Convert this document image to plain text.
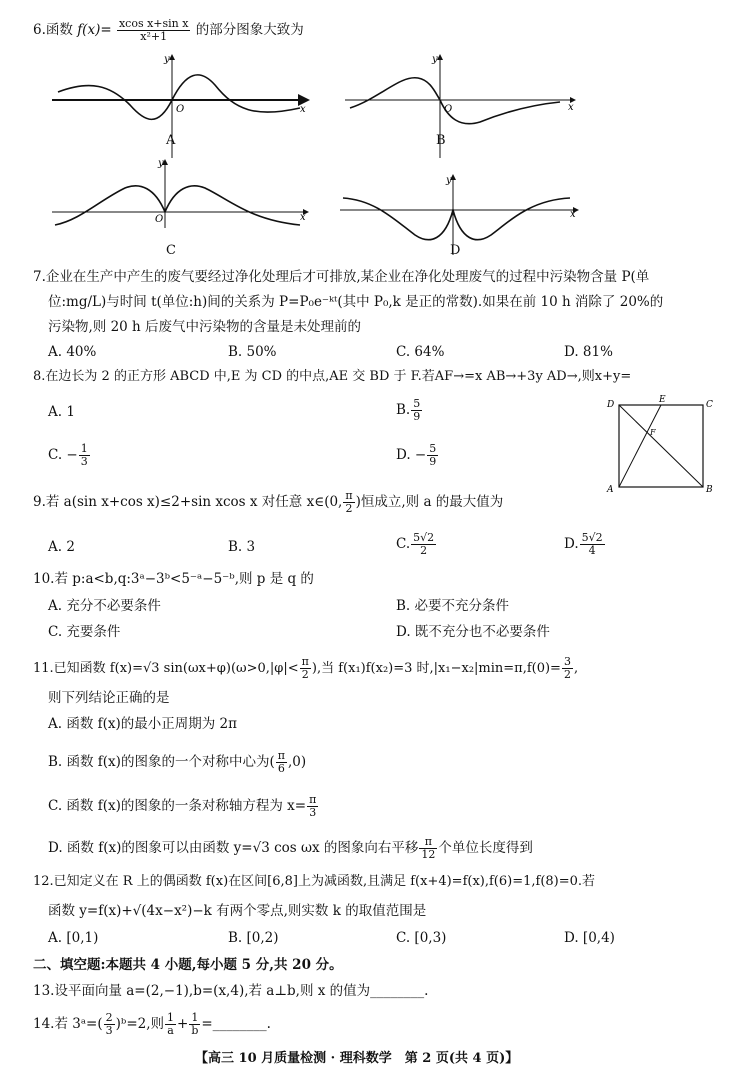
6.函数 $f(x)= \frac{\text{xcos x+sin x}}{\text{x²+1}}$ 的部分图象大致为
y
x
O
y
x
O
y
x
O
y
x
A	B
C	D
7.企业在生产中产生的废气要经过净化处理后才可排放,某企业在净化处理废气的过程中污染物含量 P(单
位:mg/L)与时间 t(单位:h)间的关系为 P=P₀e⁻ᵏᵗ(其中 P₀,k 是正的常数).如果在前 10 h 消除了 20%的
污染物,则 20 h 后废气中污染物的含量是未处理前的
A. 40%	B. 50%	C. 64%	D. 81%
8.在边长为 2 的正方形 ABCD 中,E 为 CD 的中点,AE 交 BD 于 F.若AF→=x AB→+3y AD→,则x+y=
A. 1	B. $\frac{5}{9}$
C. − $\frac{1}{3}$	D. − $\frac{5}{9}$
D	E	C
F
A	B
9.若 a(sin x+cos x)≤2+sin xcos x 对任意 x∈(0, $\frac{\pi}{2}$ )恒成立,则 a 的最大值为
A. 2	B. 3	C. $\frac{5√2}{2}$	D. $\frac{5√2}{4}$
10.若 p:a<b,q:3ᵃ−3ᵇ<5⁻ᵃ−5⁻ᵇ,则 p 是 q 的
A. 充分不必要条件	B. 必要不充分条件
C. 充要条件	D. 既不充分也不必要条件
11.已知函数 f(x)=√3 $\sin(\omega x+\varphi)(\omega>0,|\varphi|< \frac{\pi}{2}$ ),当 f(x₁)f(x₂)=3 时$,|x_1-x_2|\min=\pi,f(0)= \frac{3}{2}$ ,
则下列结论正确的是
A. 函数 f(x)的最小正周期为 2π
B. 函数 f(x)的图象的一个对称中心为( $\frac{\pi}{6} ,0$)
C. 函数 f(x)的图象的一条对称轴方程为 $x= \frac{\pi}{3}$
D. 函数 f(x)的图象可以由函数 y=√3 cos ωx 的图象向右平移 $\frac{\pi}{12}$ 个单位长度得到
12.已知定义在 R 上的偶函数 f(x)在区间[6,8]上为减函数,且满足 f(x+4)=f(x),f(6)=1,f(8)=0.若
函数 y=f(x)+√(4x−x²)−k 有两个零点,则实数 k 的取值范围是
A. [0,1)	B. [0,2)	C. [0,3)	D. [0,4)
二、填空题:本题共 4 小题,每小题 5 分,共 20 分。
13.设平面向量 a=(2,−1),b=(x,4),若 a⊥b,则 x 的值为________.
14.若 3ᵃ=( $\frac{2}{3}$ )ᵇ=2,则 $\frac{1}{a} + \frac{1}{b}$ =________.
【高三 10 月质量检测 · 理科数学　第 2 页(共 4 页)】
